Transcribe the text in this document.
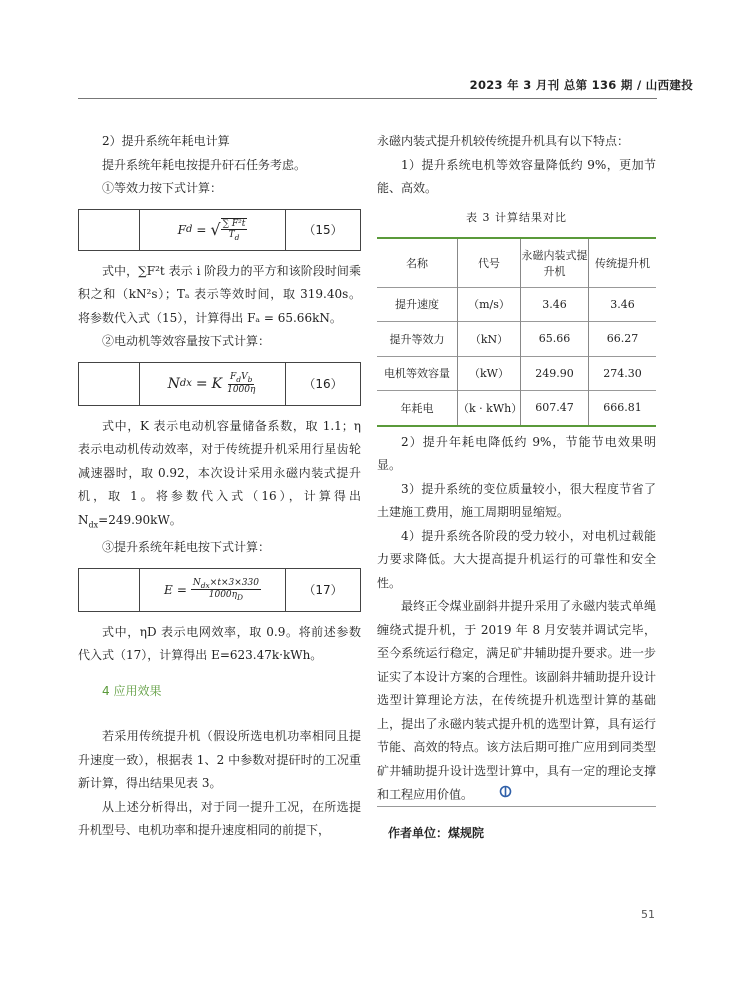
2023 年 3 月刊 总第 136 期 / 山西建投

2）提升系统年耗电计算

提升系统年耗电按提升矸石任务考虑。

①等效力按下式计算：

F d = √ $\frac{\text{∑ F²t}}{T_d}$	（15）

式中，∑F²t 表示 i 阶段力的平方和该阶段时间乘积之和（kN²s）；Tₐ 表示等效时间，取 319.40s。将参数代入式（15），计算得出 Fₐ = 65.66kN。

②电动机等效容量按下式计算：

N dx = K $\frac{F_dV_b}{1000\eta}$	（16）

式中，K 表示电动机容量储备系数，取 1.1；η 表示电动机传动效率，对于传统提升机采用行星齿轮减速器时，取 0.92，本次设计采用永磁内装式提升机，取 1。将参数代入式（16），计算得出 $N_{dx}=249.90kW$。

③提升系统年耗电按下式计算：

$E = \frac{N_{dx}\times t\times 3\times 330}{1000\eta_D}$	（17）

式中，ηD 表示电网效率，取 0.9。将前述参数代入式（17），计算得出 E=623.47k·kWh。

4 应用效果

若采用传统提升机（假设所选电机功率相同且提升速度一致），根据表 1、2 中参数对提矸时的工况重新计算，得出结果见表 3。

从上述分析得出，对于同一提升工况，在所选提升机型号、电机功率和提升速度相同的前提下，

永磁内装式提升机较传统提升机具有以下特点：

1）提升系统电机等效容量降低约 9%，更加节能、高效。

表 3 计算结果对比
名称	代号	永磁内装式提升机	传统提升机
提升速度	（m/s）	3.46	3.46
提升等效力	（kN）	65.66	66.27
电机等效容量	（kW）	249.90	274.30
年耗电	（k · kWh）	607.47	666.81

2）提升年耗电降低约 9%，节能节电效果明显。

3）提升系统的变位质量较小，很大程度节省了土建施工费用，施工周期明显缩短。

4）提升系统各阶段的受力较小，对电机过载能力要求降低。大大提高提升机运行的可靠性和安全性。

最终正令煤业副斜井提升采用了永磁内装式单绳缠绕式提升机，于 2019 年 8 月安装并调试完毕，至今系统运行稳定，满足矿井辅助提升要求。进一步证实了本设计方案的合理性。该副斜井辅助提升设计选型计算理论方法，在传统提升机选型计算的基础上，提出了永磁内装式提升机的选型计算，具有运行节能、高效的特点。该方法后期可推广应用到同类型矿井辅助提升设计选型计算中，具有一定的理论支撑和工程应用价值。

作者单位：煤规院
51
